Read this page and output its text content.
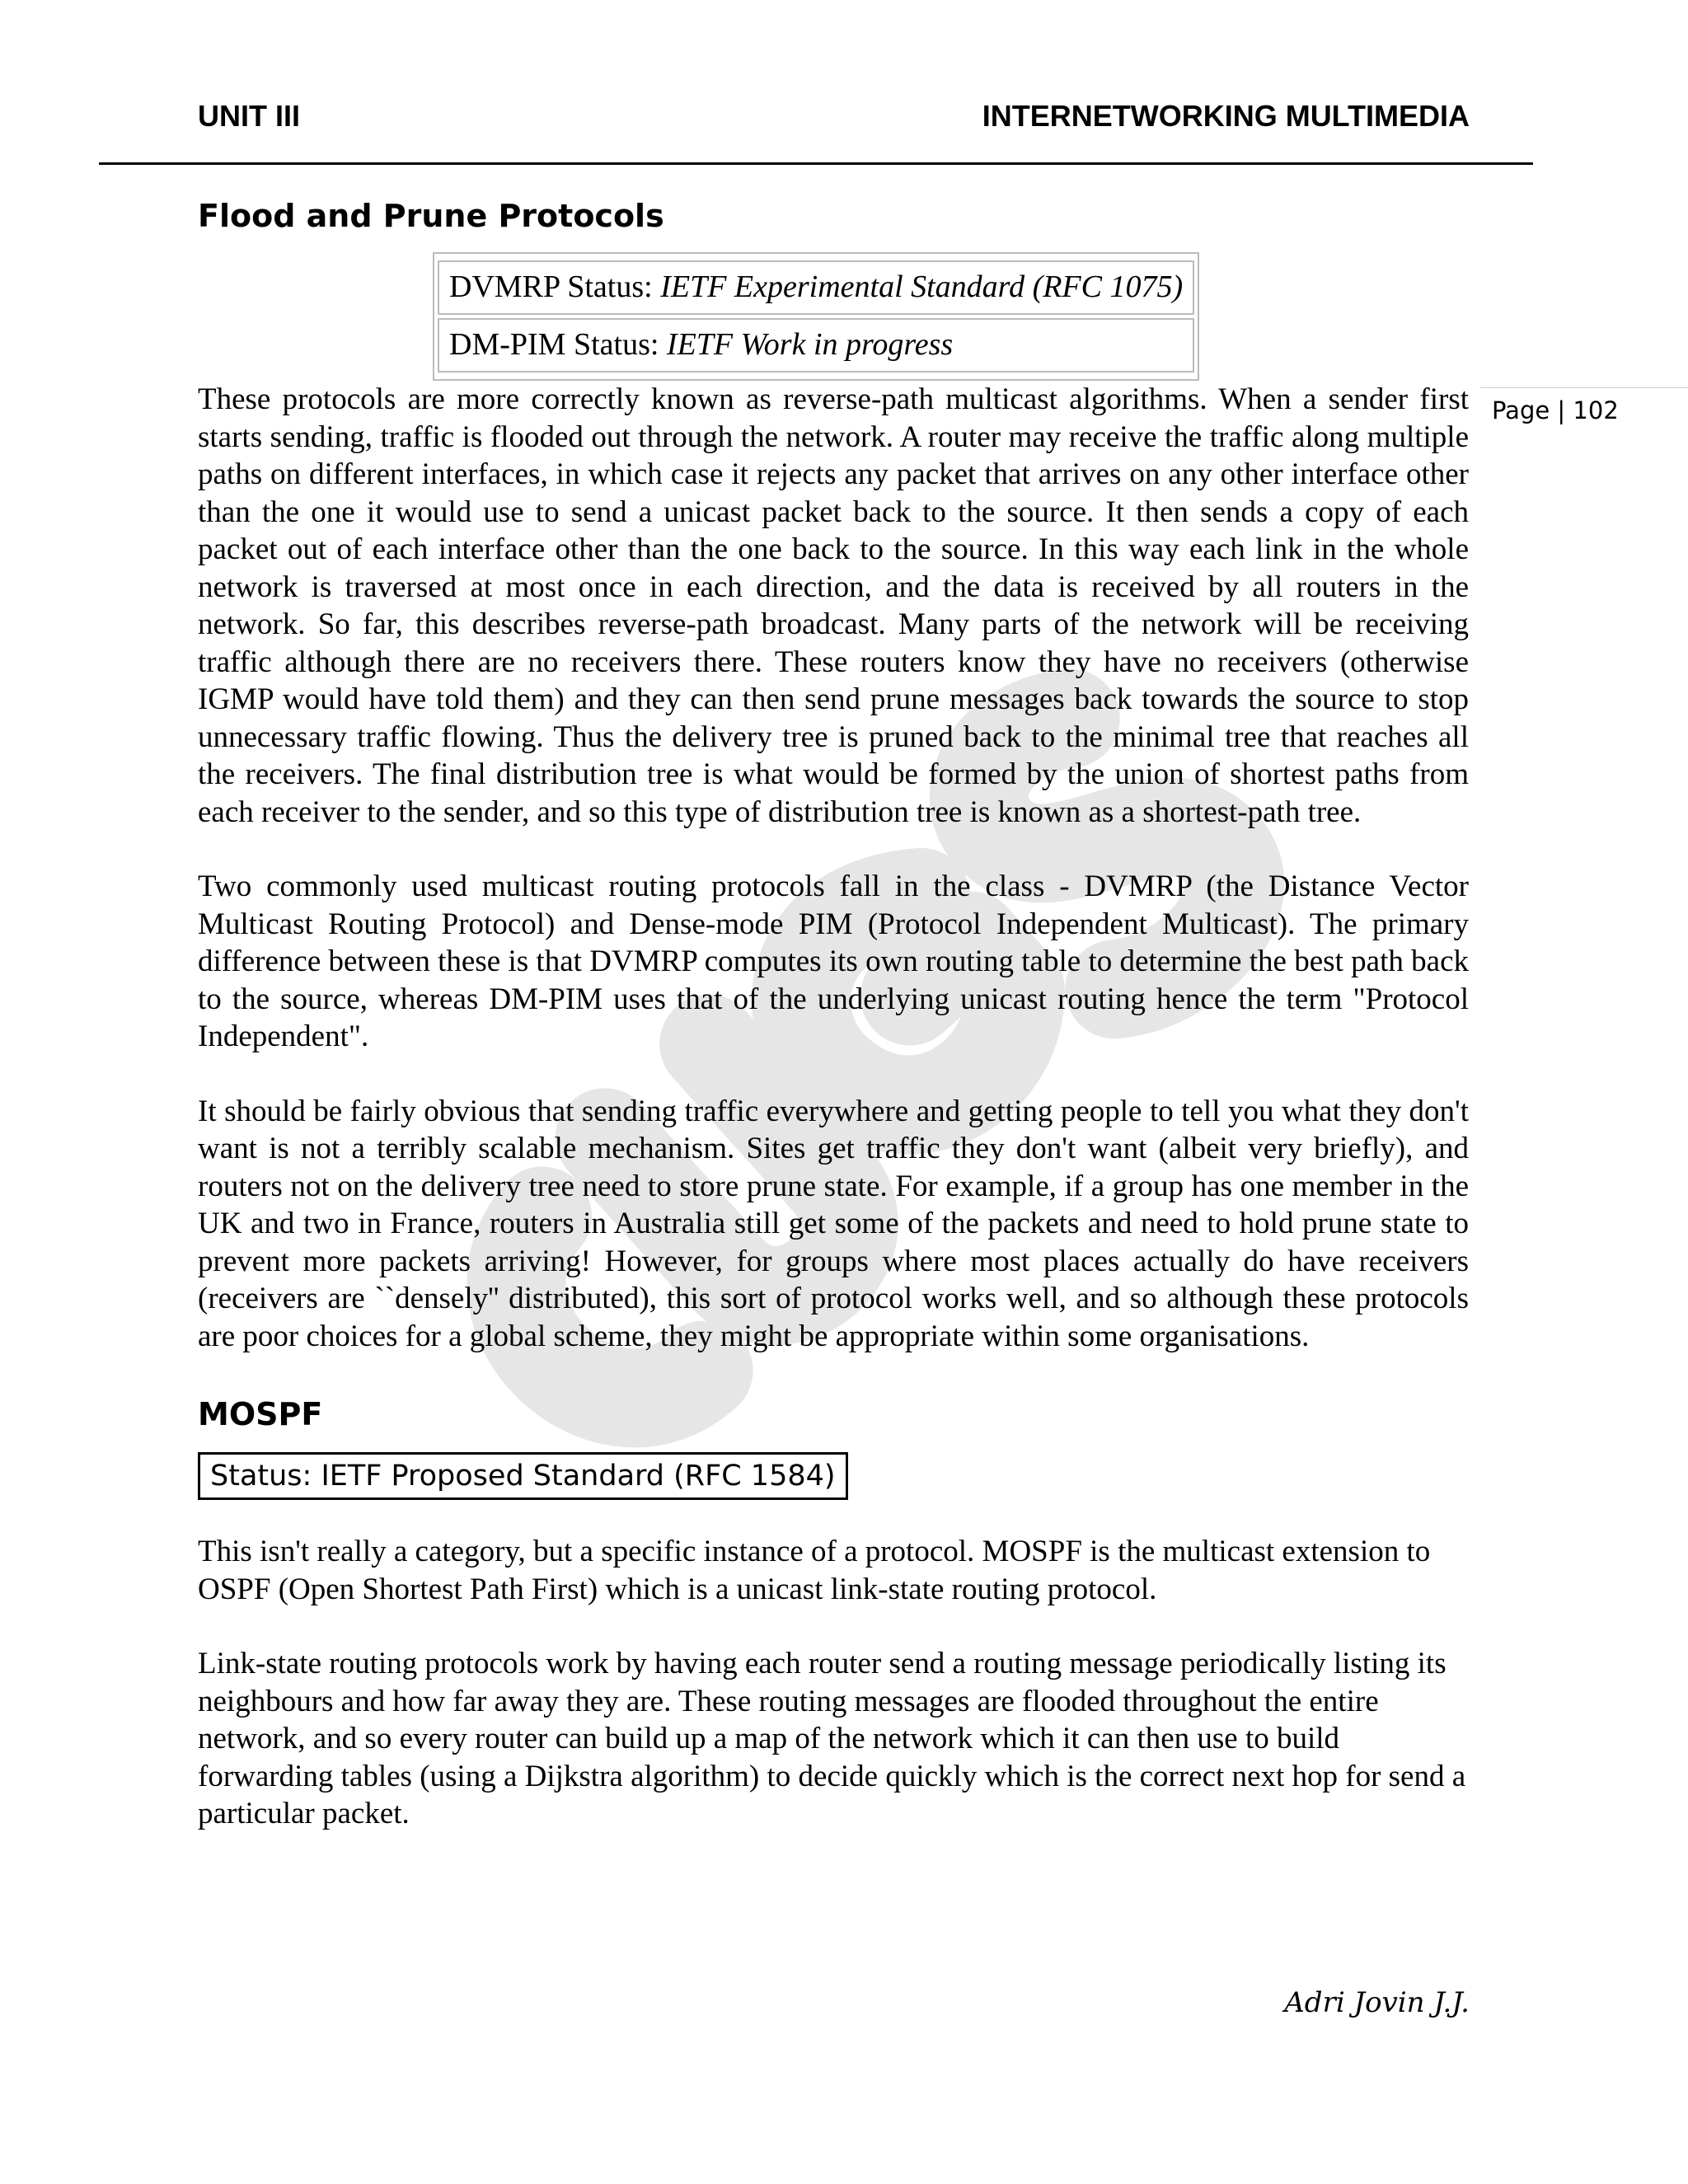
UNIT III	INTERNETWORKING MULTIMEDIA
Page | 102
Flood and Prune Protocols
DVMRP Status: IETF Experimental Standard (RFC 1075)
DM-PIM Status: IETF Work in progress

These protocols are more correctly known as reverse-path multicast algorithms. When a sender first starts sending, traffic is flooded out through the network. A router may receive the traffic along multiple paths on different interfaces, in which case it rejects any packet that arrives on any other interface other than the one it would use to send a unicast packet back to the source. It then sends a copy of each packet out of each interface other than the one back to the source. In this way each link in the whole network is traversed at most once in each direction, and the data is received by all routers in the network. So far, this describes reverse-path broadcast. Many parts of the network will be receiving traffic although there are no receivers there. These routers know they have no receivers (otherwise IGMP would have told them) and they can then send prune messages back towards the source to stop unnecessary traffic flowing. Thus the delivery tree is pruned back to the minimal tree that reaches all the receivers. The final distribution tree is what would be formed by the union of shortest paths from each receiver to the sender, and so this type of distribution tree is known as a shortest-path tree.

Two commonly used multicast routing protocols fall in the class - DVMRP (the Distance Vector Multicast Routing Protocol) and Dense-mode PIM (Protocol Independent Multicast). The primary difference between these is that DVMRP computes its own routing table to determine the best path back to the source, whereas DM-PIM uses that of the underlying unicast routing hence the term "Protocol Independent".

It should be fairly obvious that sending traffic everywhere and getting people to tell you what they don't want is not a terribly scalable mechanism. Sites get traffic they don't want (albeit very briefly), and routers not on the delivery tree need to store prune state. For example, if a group has one member in the UK and two in France, routers in Australia still get some of the packets and need to hold prune state to prevent more packets arriving! However, for groups where most places actually do have receivers (receivers are ``densely'' distributed), this sort of protocol works well, and so although these protocols are poor choices for a global scheme, they might be appropriate within some organisations.

MOSPF
Status: IETF Proposed Standard (RFC 1584)

This isn't really a category, but a specific instance of a protocol. MOSPF is the multicast extension to OSPF (Open Shortest Path First) which is a unicast link-state routing protocol.

Link-state routing protocols work by having each router send a routing message periodically listing its neighbours and how far away they are. These routing messages are flooded throughout the entire network, and so every router can build up a map of the network which it can then use to build forwarding tables (using a Dijkstra algorithm) to decide quickly which is the correct next hop for send a particular packet.

Adri Jovin J.J.
